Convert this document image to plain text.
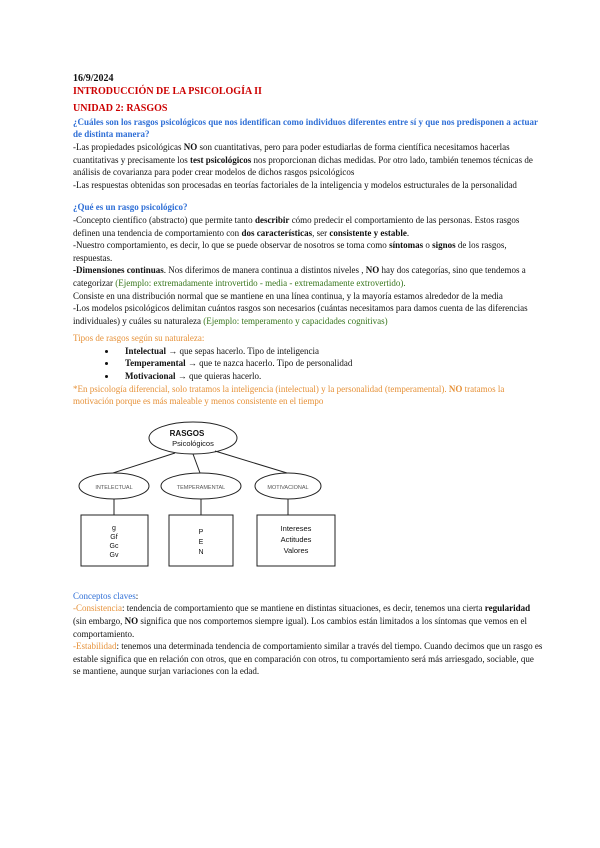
16/9/2024
INTRODUCCIÓN DE LA PSICOLOGÍA II
UNIDAD 2: RASGOS
¿Cuáles son los rasgos psicológicos que nos identifican como individuos diferentes entre sí y que nos predisponen a actuar de distinta manera?
-Las propiedades psicológicas NO son cuantitativas, pero para poder estudiarlas de forma científica necesitamos hacerlas cuantitativas y precisamente los test psicológicos nos proporcionan dichas medidas. Por otro lado, también tenemos técnicas de análisis de covarianza para poder crear modelos de dichos rasgos psicológicos
-Las respuestas obtenidas son procesadas en teorías factoriales de la inteligencia y modelos estructurales de la personalidad
¿Qué es un rasgo psicológico?
-Concepto científico (abstracto) que permite tanto describir cómo predecir el comportamiento de las personas. Estos rasgos definen una tendencia de comportamiento con dos características, ser consistente y estable.
-Nuestro comportamiento, es decir, lo que se puede observar de nosotros se toma como síntomas o signos de los rasgos, respuestas.
-Dimensiones continuas. Nos diferimos de manera continua a distintos niveles , NO hay dos categorías, sino que tendemos a categorizar (Ejemplo: extremadamente introvertido - media - extremadamente extrovertido).
Consiste en una distribución normal que se mantiene en una línea continua, y la mayoría estamos alrededor de la media
-Los modelos psicológicos delimitan cuántos rasgos son necesarios (cuántas necesitamos para damos cuenta de las diferencias individuales) y cuáles su naturaleza (Ejemplo: temperamento y capacidades cognitivas)
Tipos de rasgos según su naturaleza:
• Intelectual → que sepas hacerlo. Tipo de inteligencia
• Temperamental → que te nazca hacerlo. Tipo de personalidad
• Motivacional → que quieras hacerlo.
*En psicología diferencial, solo tratamos la inteligencia (intelectual) y la personalidad (temperamental). NO tratamos la motivación porque es más maleable y menos consistente en el tiempo
RASGOS
Psicológicos
INTELECTUAL	TEMPERAMENTAL	MOTIVACIONAL
g
Gf
Gc
Gv
P
E
N
Intereses
Actitudes
Valores
Conceptos claves:
-Consistencia: tendencia de comportamiento que se mantiene en distintas situaciones, es decir, tenemos una cierta regularidad (sin embargo, NO significa que nos comportemos siempre igual). Los cambios están limitados a los síntomas que vemos en el comportamiento.
-Estabilidad: tenemos una determinada tendencia de comportamiento similar a través del tiempo. Cuando decimos que un rasgo es estable significa que en relación con otros, que en comparación con otros, tu comportamiento será más arriesgado, sociable, que se mantiene, aunque surjan variaciones con la edad.
